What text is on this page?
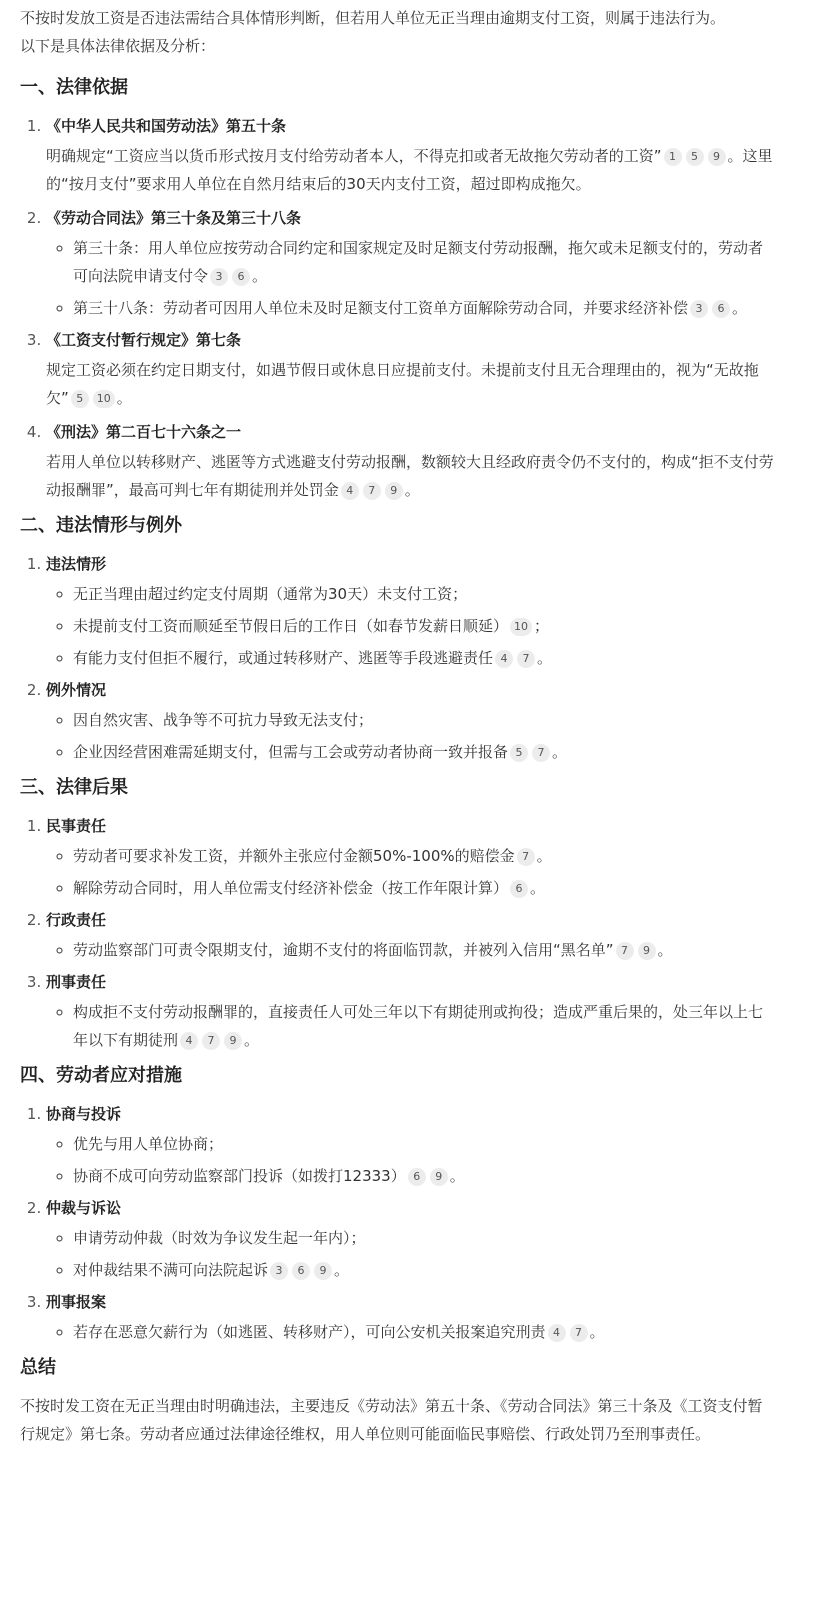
不按时发放工资是否违法需结合具体情形判断，但若用人单位无正当理由逾期支付工资，则属于违法行为。
以下是具体法律依据及分析：

一、法律依据
1. 《中华人民共和国劳动法》第五十条
明确规定“工资应当以货币形式按月支付给劳动者本人，不得克扣或者无故拖欠劳动者的工资” 1 5 9 。这里的“按月支付”要求用人单位在自然月结束后的30天内支付工资，超过即构成拖欠。
2. 《劳动合同法》第三十条及第三十八条
◦ 第三十条：用人单位应按劳动合同约定和国家规定及时足额支付劳动报酬，拖欠或未足额支付的，劳动者可向法院申请支付令 3 6 。
◦ 第三十八条：劳动者可因用人单位未及时足额支付工资单方面解除劳动合同，并要求经济补偿 3 6 。
3. 《工资支付暂行规定》第七条
规定工资必须在约定日期支付，如遇节假日或休息日应提前支付。未提前支付且无合理理由的，视为“无故拖欠” 5 10 。
4. 《刑法》第二百七十六条之一
若用人单位以转移财产、逃匿等方式逃避支付劳动报酬，数额较大且经政府责令仍不支付的，构成“拒不支付劳动报酬罪”，最高可判七年有期徒刑并处罚金 4 7 9 。
二、违法情形与例外
1. 违法情形
◦ 无正当理由超过约定支付周期（通常为30天）未支付工资；
◦ 未提前支付工资而顺延至节假日后的工作日（如春节发薪日顺延） 10 ；
◦ 有能力支付但拒不履行，或通过转移财产、逃匿等手段逃避责任 4 7 。
2. 例外情况
◦ 因自然灾害、战争等不可抗力导致无法支付；
◦ 企业因经营困难需延期支付，但需与工会或劳动者协商一致并报备 5 7 。
三、法律后果
1. 民事责任
◦ 劳动者可要求补发工资，并额外主张应付金额50%-100%的赔偿金 7 。
◦ 解除劳动合同时，用人单位需支付经济补偿金（按工作年限计算） 6 。
2. 行政责任
◦ 劳动监察部门可责令限期支付，逾期不支付的将面临罚款，并被列入信用“黑名单” 7 9 。
3. 刑事责任
◦ 构成拒不支付劳动报酬罪的，直接责任人可处三年以下有期徒刑或拘役；造成严重后果的，处三年以上七年以下有期徒刑 4 7 9 。
四、劳动者应对措施
1. 协商与投诉
◦ 优先与用人单位协商；
◦ 协商不成可向劳动监察部门投诉（如拨打12333） 6 9 。
2. 仲裁与诉讼
◦ 申请劳动仲裁（时效为争议发生起一年内）；
◦ 对仲裁结果不满可向法院起诉 3 6 9 。
3. 刑事报案
◦ 若存在恶意欠薪行为（如逃匿、转移财产），可向公安机关报案追究刑责 4 7 。
总结

不按时发工资在无正当理由时明确违法，主要违反《劳动法》第五十条、《劳动合同法》第三十条及《工资支付暂行规定》第七条。劳动者应通过法律途径维权，用人单位则可能面临民事赔偿、行政处罚乃至刑事责任。
